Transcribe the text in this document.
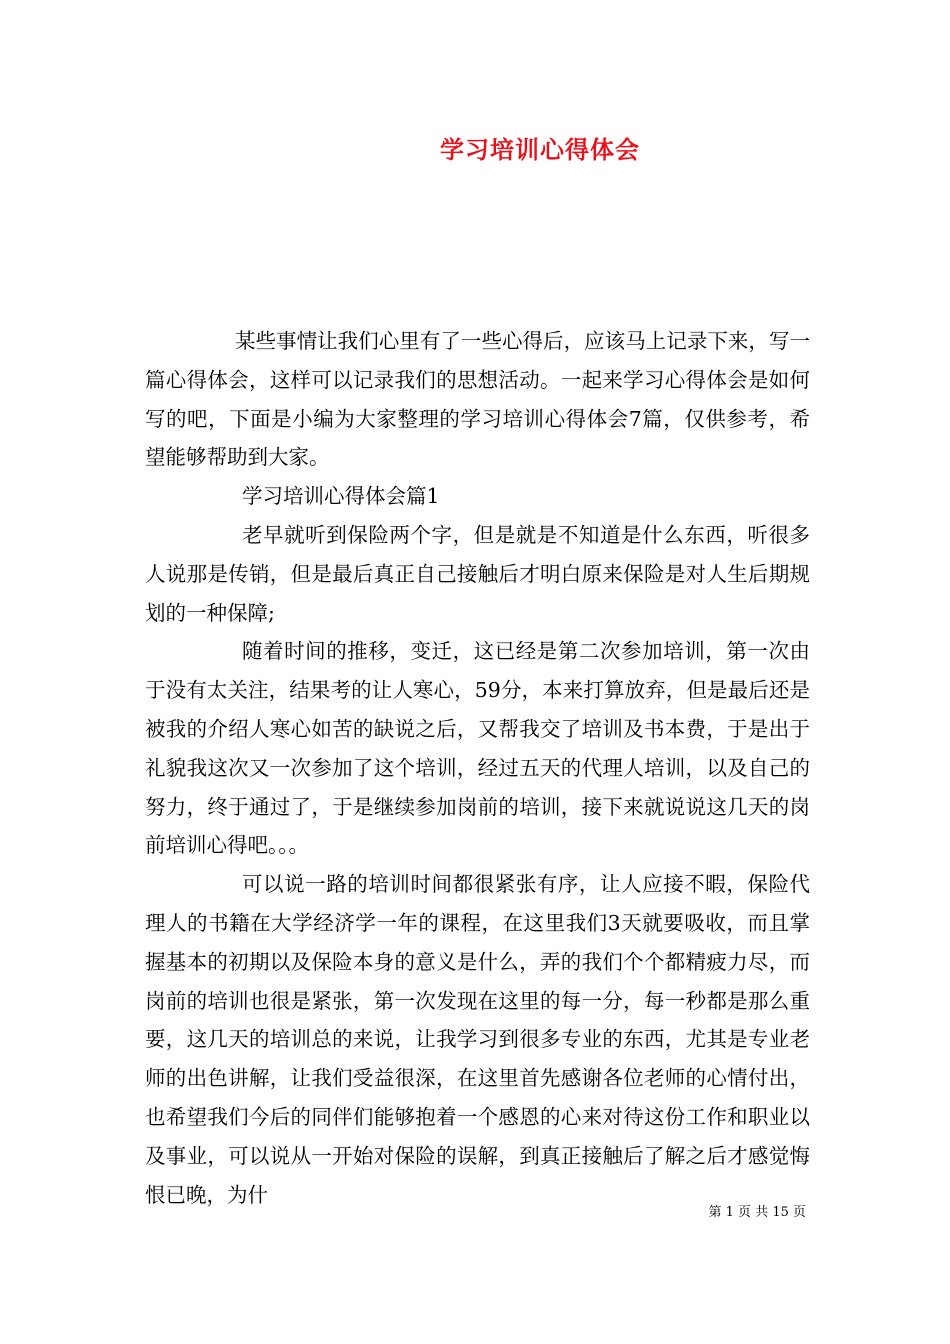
学习培训心得体会

某些事情让我们心里有了一些心得后，应该马上记录下来，写一篇心得体会，这样可以记录我们的思想活动。一起来学习心得体会是如何写的吧，下面是小编为大家整理的学习培训心得体会7篇，仅供参考，希望能够帮助到大家。

学习培训心得体会篇1

老早就听到保险两个字，但是就是不知道是什么东西，听很多人说那是传销，但是最后真正自己接触后才明白原来保险是对人生后期规划的一种保障;

随着时间的推移，变迁，这已经是第二次参加培训，第一次由于没有太关注，结果考的让人寒心，59分，本来打算放弃，但是最后还是被我的介绍人寒心如苦的缺说之后，又帮我交了培训及书本费，于是出于礼貌我这次又一次参加了这个培训，经过五天的代理人培训，以及自己的努力，终于通过了，于是继续参加岗前的培训，接下来就说说这几天的岗前培训心得吧。。。

可以说一路的培训时间都很紧张有序，让人应接不暇，保险代理人的书籍在大学经济学一年的课程，在这里我们3天就要吸收，而且掌握基本的初期以及保险本身的意义是什么，弄的我们个个都精疲力尽，而岗前的培训也很是紧张，第一次发现在这里的每一分，每一秒都是那么重要，这几天的培训总的来说，让我学习到很多专业的东西，尤其是专业老师的出色讲解，让我们受益很深，在这里首先感谢各位老师的心情付出，也希望我们今后的同伴们能够抱着一个感恩的心来对待这份工作和职业以及事业，可以说从一开始对保险的误解，到真正接触后了解之后才感觉悔恨已晚，为什

第 1 页 共 15 页
